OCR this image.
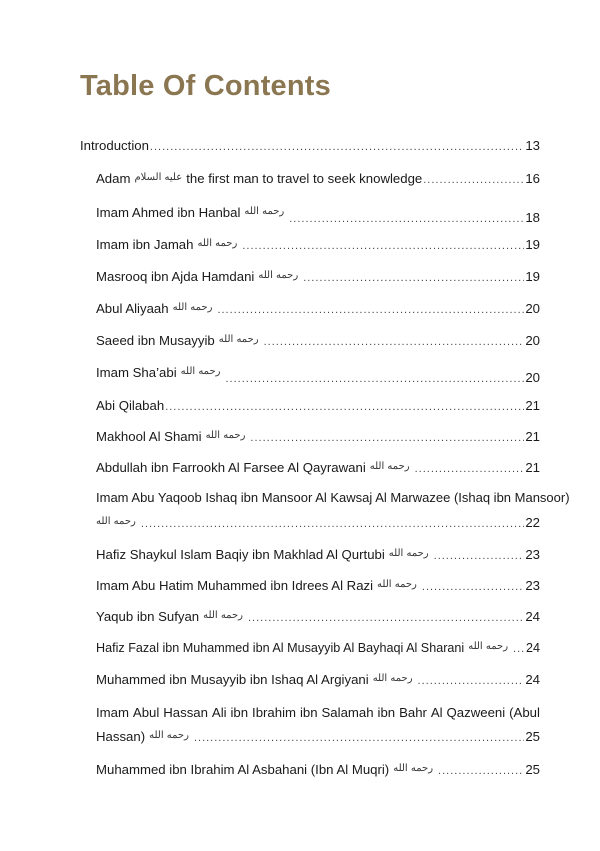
Table Of Contents
Introduction .....	13
Adam عليه السلام the first man to travel to seek knowledge .....	16
Imam Ahmed ibn Hanbal رحمه الله .....	18
Imam ibn Jamah رحمه الله .....	19
Masrooq ibn Ajda Hamdani رحمه الله .....	19
Abul Aliyaah رحمه الله .....	20
Saeed ibn Musayyib رحمه الله .....	20
Imam Sha’abi رحمه الله .....	20
Abi Qilabah .....	21
Makhool Al Shami رحمه الله .....	21
Abdullah ibn Farrookh Al Farsee Al Qayrawani رحمه الله .....	21
Imam Abu Yaqoob Ishaq ibn Mansoor Al Kawsaj Al Marwazee (Ishaq ibn Mansoor)
رحمه الله .....	22
Hafiz Shaykul Islam Baqiy ibn Makhlad Al Qurtubi رحمه الله .....	23
Imam Abu Hatim Muhammed ibn Idrees Al Razi رحمه الله .....	23
Yaqub ibn Sufyan رحمه الله .....	24
Hafiz Fazal ibn Muhammed ibn Al Musayyib Al Bayhaqi Al Sharani رحمه الله .....	24
Muhammed ibn Musayyib ibn Ishaq Al Argiyani رحمه الله .....	24
Imam Abul Hassan Ali ibn Ibrahim ibn Salamah ibn Bahr Al Qazweeni (Abul
Hassan) رحمه الله .....	25
Muhammed ibn Ibrahim Al Asbahani (Ibn Al Muqri) رحمه الله .....	25
